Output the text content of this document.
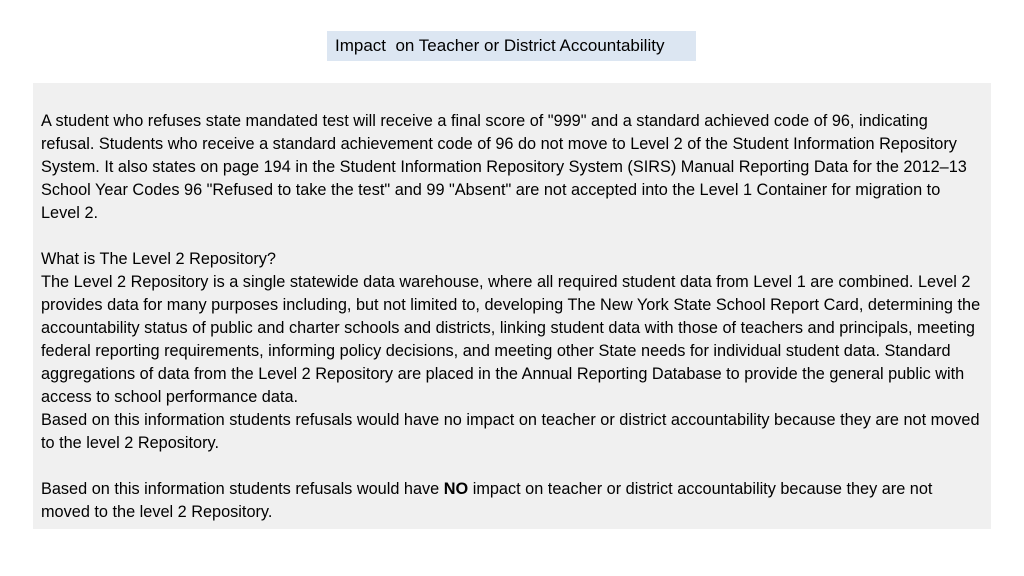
Impact  on Teacher or District Accountability

A student who refuses state mandated test will receive a final score of "999" and a standard achieved code of 96, indicating refusal. Students who receive a standard achievement code of 96 do not move to Level 2 of the Student Information Repository System. It also states on page 194 in the Student Information Repository System (SIRS) Manual Reporting Data for the 2012–13 School Year Codes 96 "Refused to take the test" and 99 "Absent" are not accepted into the Level 1 Container for migration to Level 2.

What is The Level 2 Repository?

The Level 2 Repository is a single statewide data warehouse, where all required student data from Level 1 are combined. Level 2 provides data for many purposes including, but not limited to, developing The New York State School Report Card, determining the accountability status of public and charter schools and districts, linking student data with those of teachers and principals, meeting federal reporting requirements, informing policy decisions, and meeting other State needs for individual student data. Standard aggregations of data from the Level 2 Repository are placed in the Annual Reporting Database to provide the general public with access to school performance data.

Based on this information students refusals would have no impact on teacher or district accountability because they are not moved to the level 2 Repository.

Based on this information students refusals would have NO impact on teacher or district accountability because they are not moved to the level 2 Repository.
